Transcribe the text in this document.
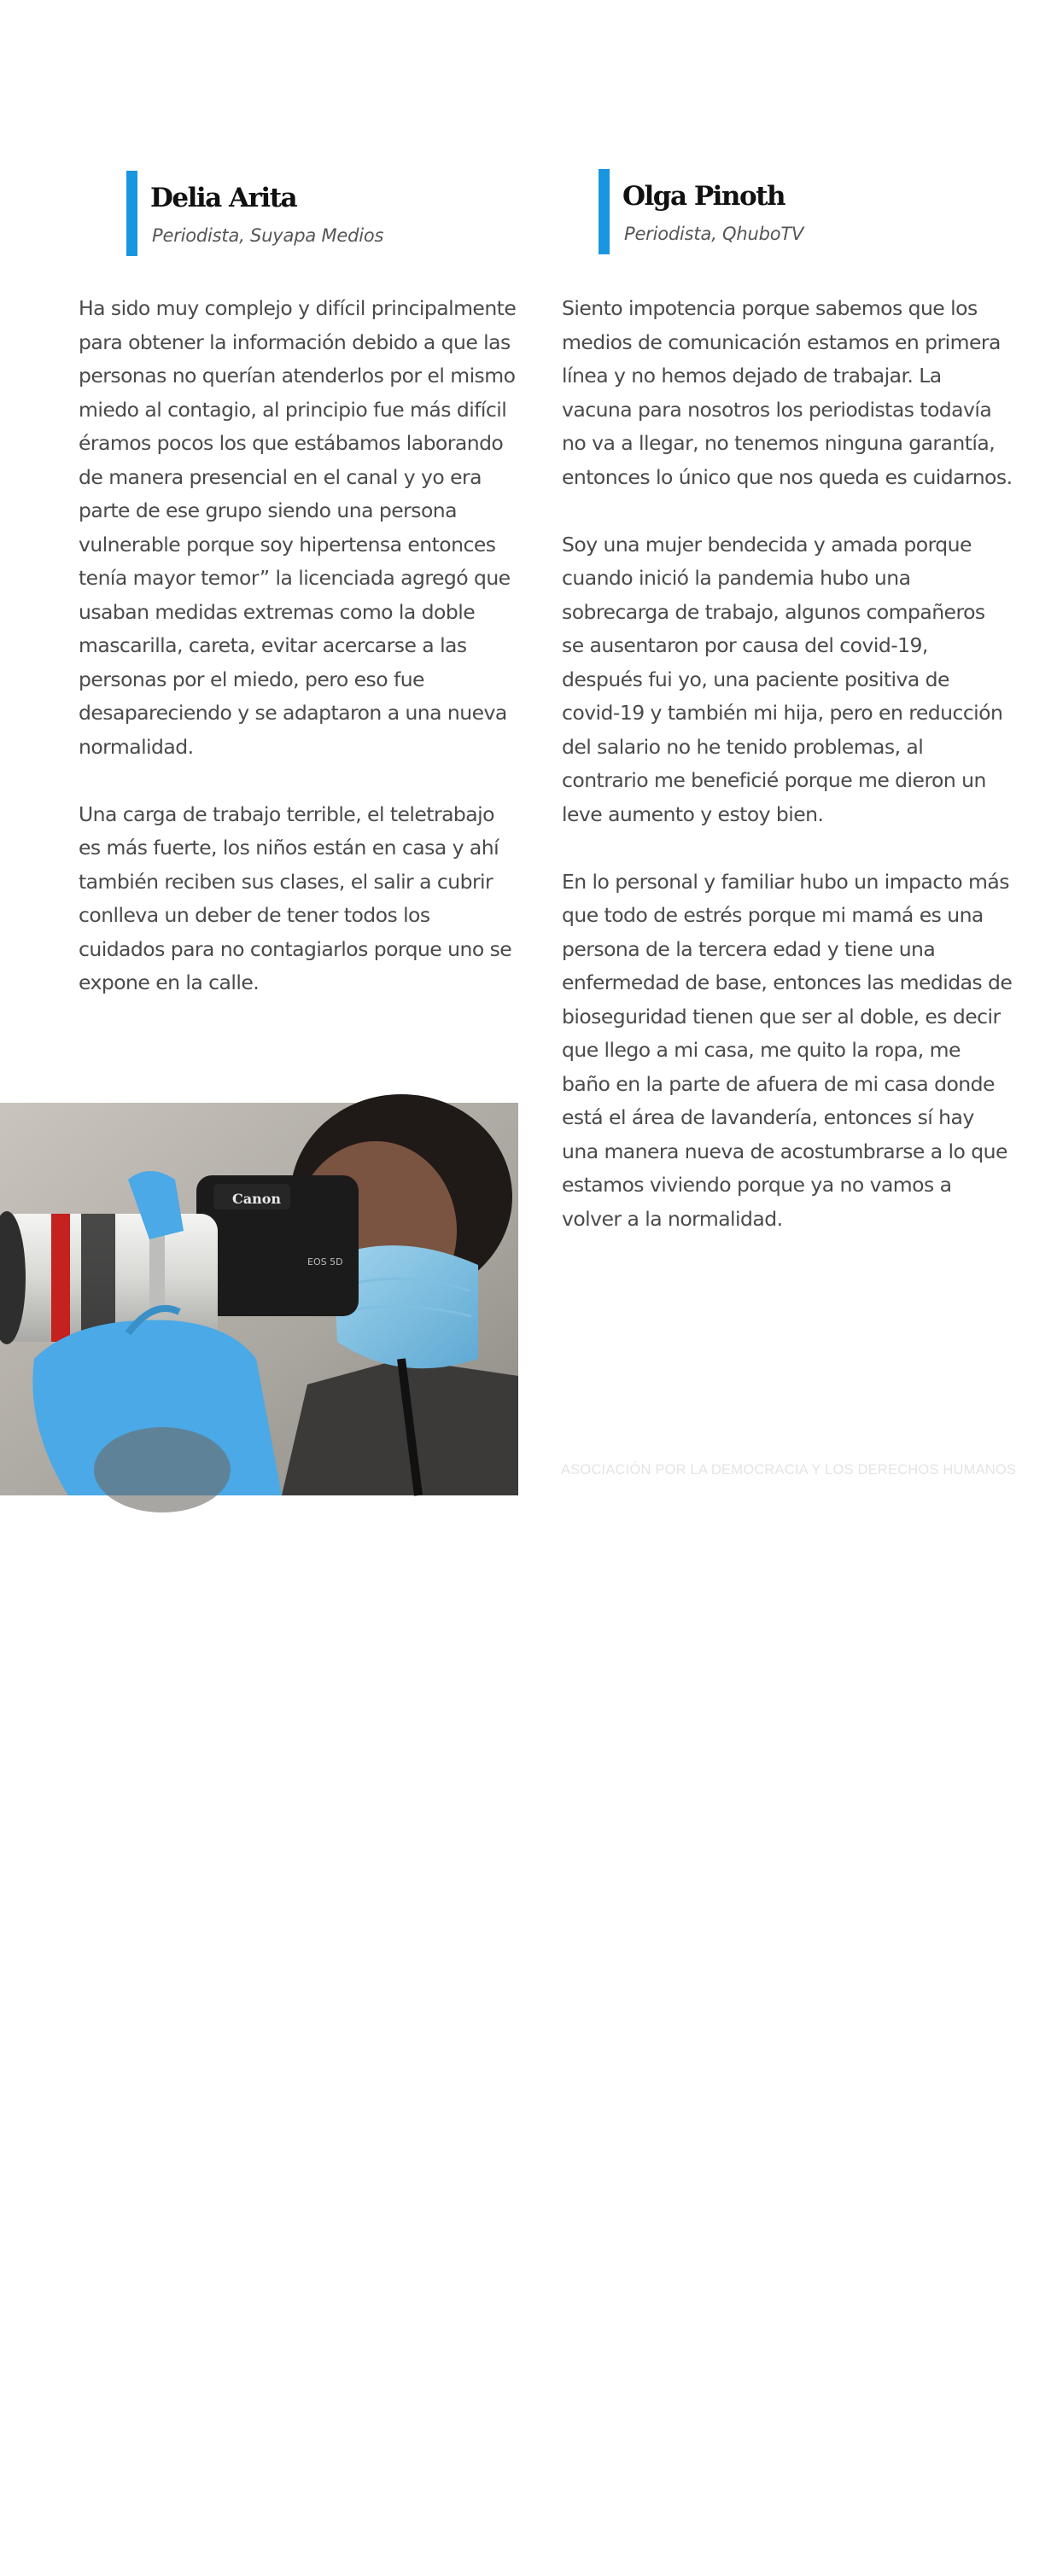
Delia Arita

Periodista, Suyapa Medios

Olga Pinoth

Periodista, QhuboTV

Ha sido muy complejo y difícil principalmente para obtener la información debido a que las personas no querían atenderlos por el mismo miedo al contagio, al principio fue más difícil éramos pocos los que estábamos laborando de manera presencial en el canal y yo era parte de ese grupo siendo una persona vulnerable porque soy hipertensa entonces tenía mayor temor” la licenciada agregó que usaban medidas extremas como la doble mascarilla, careta, evitar acercarse a las personas por el miedo, pero eso fue desapareciendo y se adaptaron a una nueva normalidad.

Una carga de trabajo terrible, el teletrabajo es más fuerte, los niños están en casa y ahí también reciben sus clases, el salir a cubrir conlleva un deber de tener todos los cuidados para no contagiarlos porque uno se expone en la calle.

Siento impotencia porque sabemos que los medios de comunicación estamos en primera línea y no hemos dejado de trabajar. La vacuna para nosotros los periodistas todavía no va a llegar, no tenemos ninguna garantía, entonces lo único que nos queda es cuidarnos.

Soy una mujer bendecida y amada porque cuando inició la pandemia hubo una sobrecarga de trabajo, algunos compañeros se ausentaron por causa del covid-19, después fui yo, una paciente positiva de covid-19 y también mi hija, pero en reducción del salario no he tenido problemas, al contrario me beneficié porque me dieron un leve aumento y estoy bien.

En lo personal y familiar hubo un impacto más que todo de estrés porque mi mamá es una persona de la tercera edad y tiene una enfermedad de base, entonces las medidas de bioseguridad tienen que ser al doble, es decir que llego a mi casa, me quito la ropa, me baño en la parte de afuera de mi casa donde está el área de lavandería, entonces sí hay una manera nueva de acostumbrarse a lo que estamos viviendo porque ya no vamos a volver a la normalidad.

Canon
EOS 5D
Fotografía Reuters
ASOCIACIÓN POR LA DEMOCRACIA Y LOS DERECHOS HUMANOS
